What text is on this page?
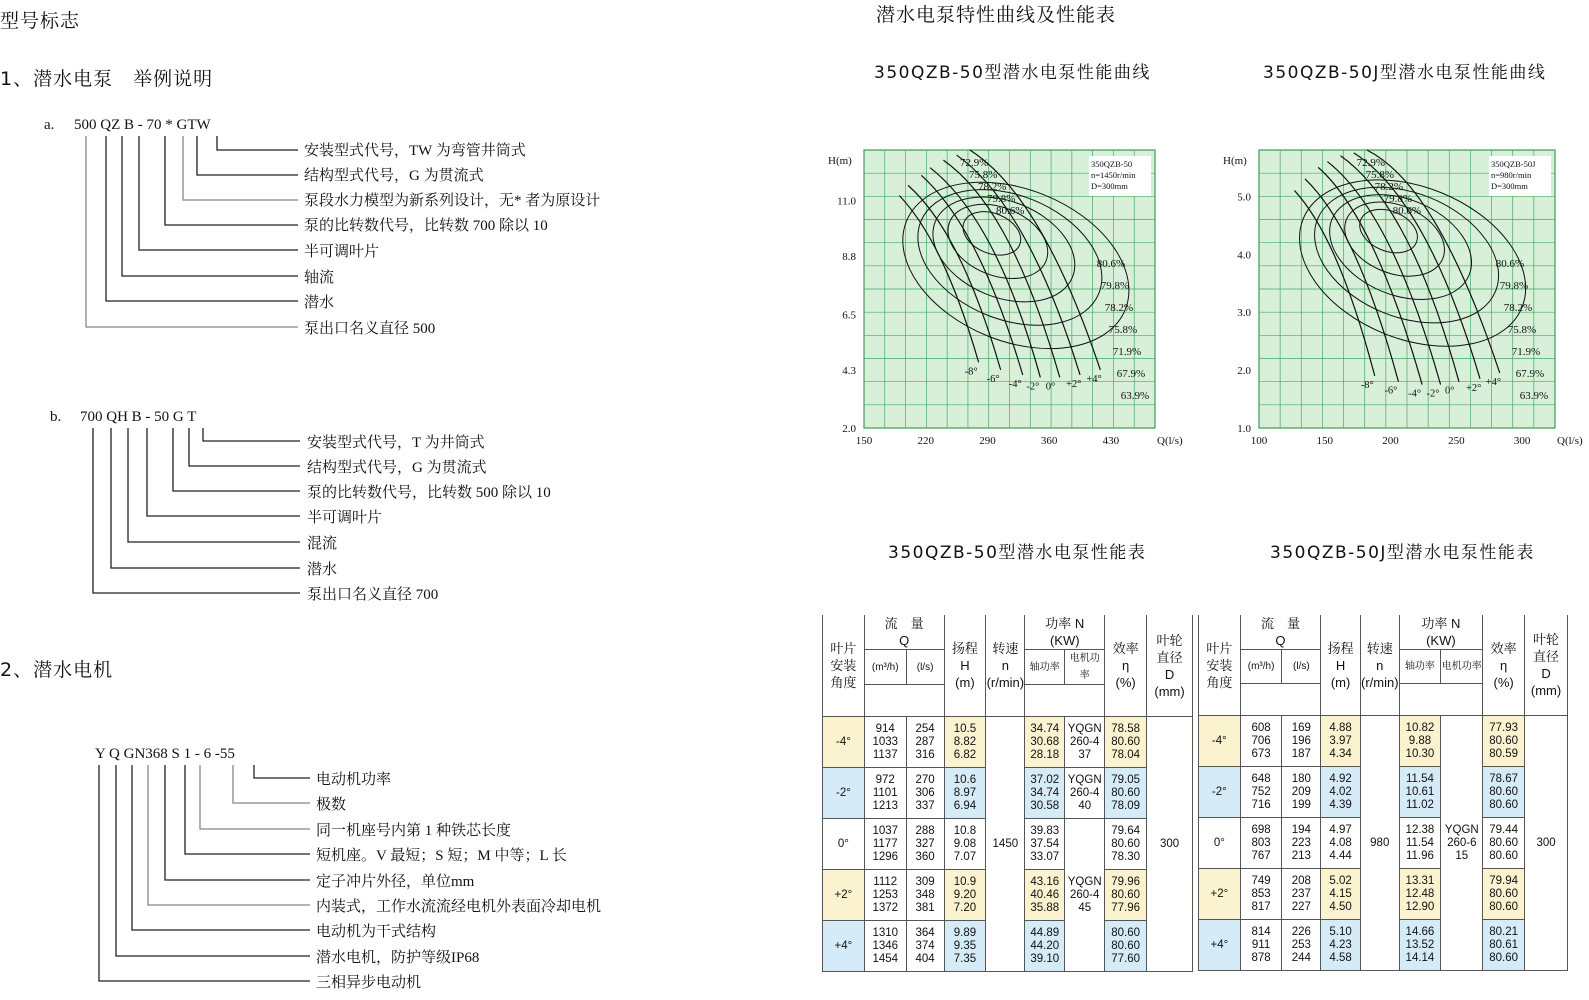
型号标志
1、潜水电泵　举例说明
a. 500 QZ B - 70 * GTW
安装型式代号，TW 为弯管井筒式
结构型式代号，G 为贯流式
泵段水力模型为新系列设计，无* 者为原设计
泵的比转数代号，比转数 700 除以 10
半可调叶片
轴流
潜水
泵出口名义直径 500
b. 700 QH B - 50 G T
安装型式代号，T 为井筒式
结构型式代号，G 为贯流式
泵的比转数代号，比转数 500 除以 10
半可调叶片
混流
潜水
泵出口名义直径 700
2、潜水电机
Y Q GN368 S 1 - 6 -55
电动机功率
极数
同一机座号内第 1 种铁芯长度
短机座。V 最短；S 短；M 中等；L 长
定子冲片外径，单位mm
内装式，工作水流流经电机外表面冷却电机
电动机为干式结构
潜水电机，防护等级IP68
三相异步电动机
潜水电泵特性曲线及性能表
350QZB-50型潜水电泵性能曲线	350QZB-50J型潜水电泵性能曲线
150	220	290	360	430
2.0
4.3
6.5
8.8
11.0
H(m)
Q(l/s)
350QZB-50
n=1450r/min
D=300mm
-8°
-6° -4° -2° 0° +2° +4°
72.9%
75.8%
78.2%
79.8%
80.6%
80.6%
79.8%
78.2%
75.8%
71.9%
67.9%
63.9%
100	150	200	250	300
1.0
2.0
3.0
4.0
5.0
H(m)
Q(l/s)
350QZB-50J
n=980r/min
D=300mm
-8°
-6° -4° -2° 0° +2°
+4°
72.9%
75.8%
78.2%
79.8%
80.6%
80.6%
79.8%
78.2%
75.8%
71.9%
67.9%
63.9%
350QZB-50型潜水电泵性能表	350QZB-50J型潜水电泵性能表
叶片
安装
角度	流　量
Q		扬程
H
(m)	转速
n
(r/min)	功率 N
(KW)		效率
η
(%)	叶轮
直径
D
(mm)
	(m³/h)	(l/s)			轴功率	电机功率		

-4°	914
1033
1137	254
287
316	10.5
8.82
6.82	1450	34.74
30.68
28.18	YQGN
260-4
37	78.58
80.60
78.04	300
-2°	972
1101
1213	270
306
337	10.6
8.97
6.94		37.02
34.74
30.58	YQGN
260-4
40	79.05
80.60
78.09	
0°	1037
1177
1296	288
327
360	10.8
9.08
7.07		39.83
37.54
33.07	YQGN
260-4
45	79.64
80.60
78.30	
+2°	1112
1253
1372	309
348
381	10.9
9.20
7.20		43.16
40.46
35.88		79.96
80.60
77.96	
+4°	1310
1346
1454	364
374
404	9.89
9.35
7.35		44.89
44.20
39.10		80.60
80.60
77.60	
叶片
安装
角度	流　量
Q		扬程
H
(m)	转速
n
(r/min)	功率 N
(KW)		效率
η
(%)	叶轮
直径
D
(mm)
	(m³/h)	(l/s)			轴功率	电机功率		

-4°	608
706
673	169
196
187	4.88
3.97
4.34	980	10.82
9.88
10.30	YQGN
260-6
15	77.93
80.60
80.59	300
-2°	648
752
716	180
209
199	4.92
4.02
4.39		11.54
10.61
11.02		78.67
80.60
80.60	
0°	698
803
767	194
223
213	4.97
4.08
4.44		12.38
11.54
11.96		79.44
80.60
80.60	
+2°	749
853
817	208
237
227	5.02
4.15
4.50		13.31
12.48
12.90		79.94
80.60
80.60	
+4°	814
911
878	226
253
244	5.10
4.23
4.58		14.66
13.52
14.14		80.21
80.61
80.60	
